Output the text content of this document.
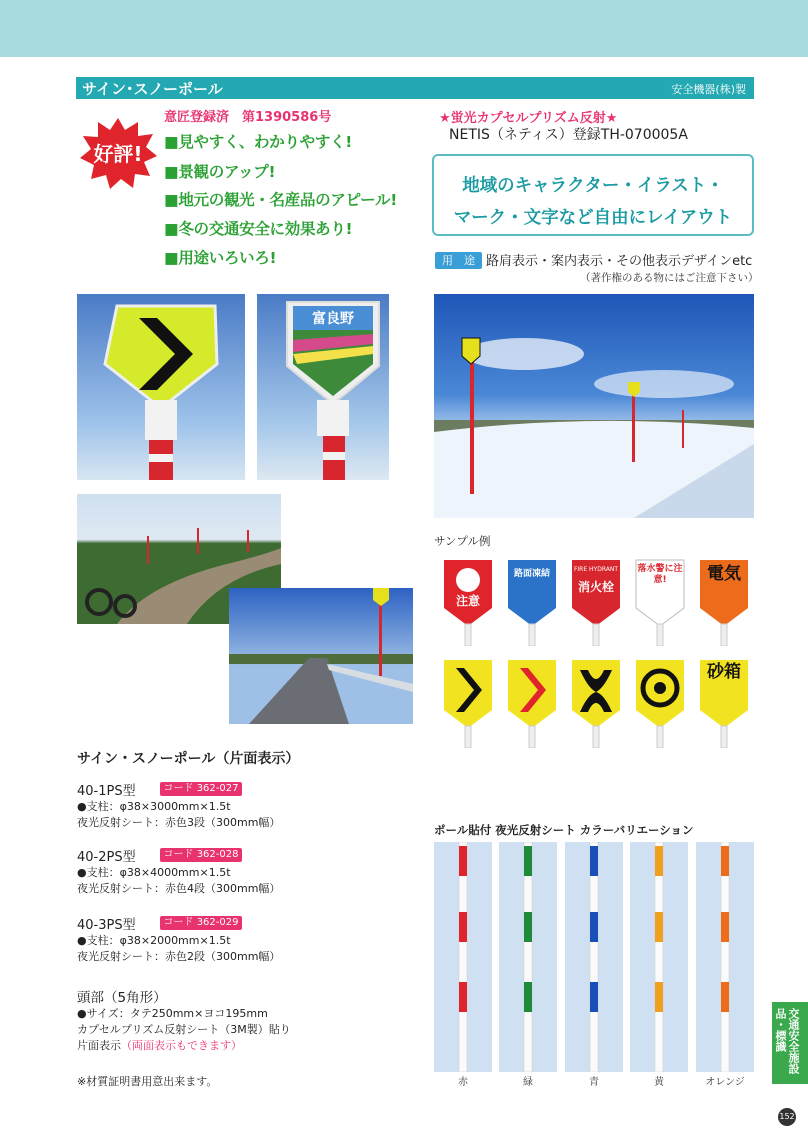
サイン･スノーポール	安全機器(株)製
好評!
意匠登録済　第1390586号
■見やすく、わかりやすく!
■景観のアップ!
■地元の観光・名産品のアピール!
■冬の交通安全に効果あり!
■用途いろいろ!
★蛍光カプセルプリズム反射★
NETIS（ネティス）登録TH-070005A
地域のキャラクター・イラスト・
マーク・文字など自由にレイアウト
用　途 路肩表示・案内表示・その他表示デザインetc
（著作権のある物にはご注意下さい）
富良野
サンプル例
注意
路面凍結	FIRE HYDRANT
消火栓
落水警に注意!	電気
砂箱
サイン・スノーポール（片面表示）
40-1PS型	コード 362-027
●支柱：φ38×3000mm×1.5t
夜光反射シート：赤色3段（300mm幅）
40-2PS型	コード 362-028
●支柱：φ38×4000mm×1.5t
夜光反射シート：赤色4段（300mm幅）
40-3PS型	コード 362-029
●支柱：φ38×2000mm×1.5t
夜光反射シート：赤色2段（300mm幅）
頭部（5角形）
●サイズ：タテ250mm×ヨコ195mm
カプセルプリズム反射シート（3M製）貼り
片面表示（両面表示もできます）
※材質証明書用意出来ます。
ポール貼付 夜光反射シート カラーバリエーション
赤	緑	青	黄	オレンジ
交通安全施設品・標識
152
